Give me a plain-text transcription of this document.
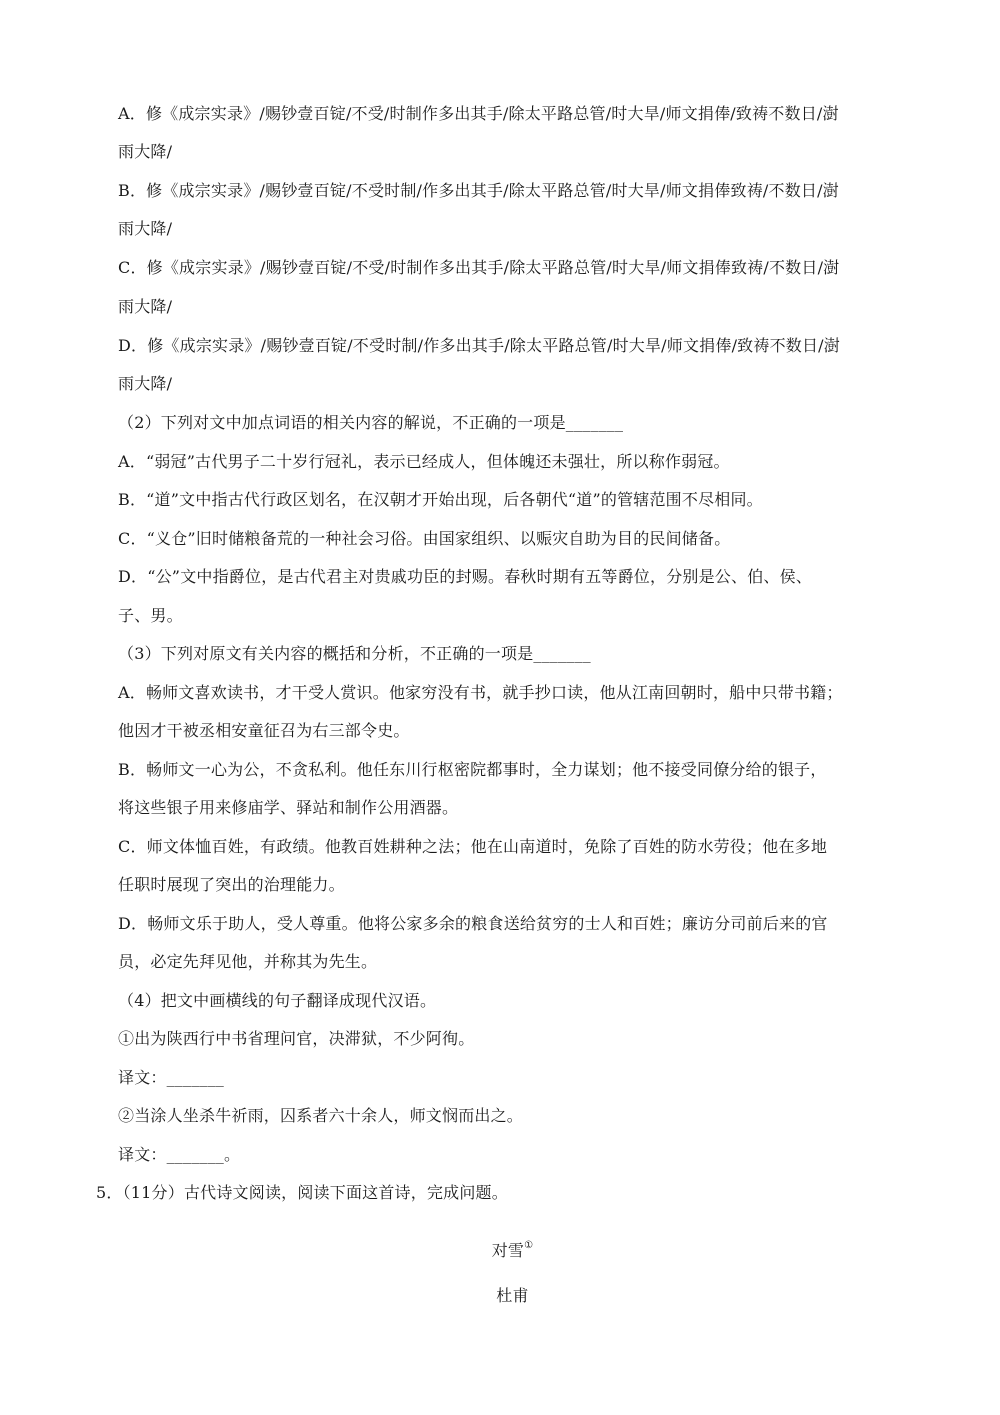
A．修《成宗实录》/赐钞壹百锭/不受/时制作多出其手/除太平路总管/时大旱/师文捐俸/致祷不数日/澍
雨大降/
B．修《成宗实录》/赐钞壹百锭/不受时制/作多出其手/除太平路总管/时大旱/师文捐俸致祷/不数日/澍
雨大降/
C．修《成宗实录》/赐钞壹百锭/不受/时制作多出其手/除太平路总管/时大旱/师文捐俸致祷/不数日/澍
雨大降/
D．修《成宗实录》/赐钞壹百锭/不受时制/作多出其手/除太平路总管/时大旱/师文捐俸/致祷不数日/澍
雨大降/
（2）下列对文中加点词语的相关内容的解说，不正确的一项是_______
A．“弱冠”古代男子二十岁行冠礼，表示已经成人，但体魄还未强壮，所以称作弱冠。
B．“道”文中指古代行政区划名，在汉朝才开始出现，后各朝代“道”的管辖范围不尽相同。
C．“义仓”旧时储粮备荒的一种社会习俗。由国家组织、以赈灾自助为目的民间储备。
D．“公”文中指爵位，是古代君主对贵戚功臣的封赐。春秋时期有五等爵位，分别是公、伯、侯、
子、男。
（3）下列对原文有关内容的概括和分析，不正确的一项是_______
A．畅师文喜欢读书，才干受人赏识。他家穷没有书，就手抄口读，他从江南回朝时，船中只带书籍；
他因才干被丞相安童征召为右三部令史。
B．畅师文一心为公，不贪私利。他任东川行枢密院都事时，全力谋划；他不接受同僚分给的银子，
将这些银子用来修庙学、驿站和制作公用酒器。
C．师文体恤百姓，有政绩。他教百姓耕种之法；他在山南道时，免除了百姓的防水劳役；他在多地
任职时展现了突出的治理能力。
D．畅师文乐于助人，受人尊重。他将公家多余的粮食送给贫穷的士人和百姓；廉访分司前后来的官
员，必定先拜见他，并称其为先生。
（4）把文中画横线的句子翻译成现代汉语。
①出为陕西行中书省理问官，决滞狱，不少阿徇。
译文：_______
②当涂人坐杀牛祈雨，囚系者六十余人，师文悯而出之。
译文：_______。
5．（11分）古代诗文阅读，阅读下面这首诗，完成问题。
对雪①
杜甫
